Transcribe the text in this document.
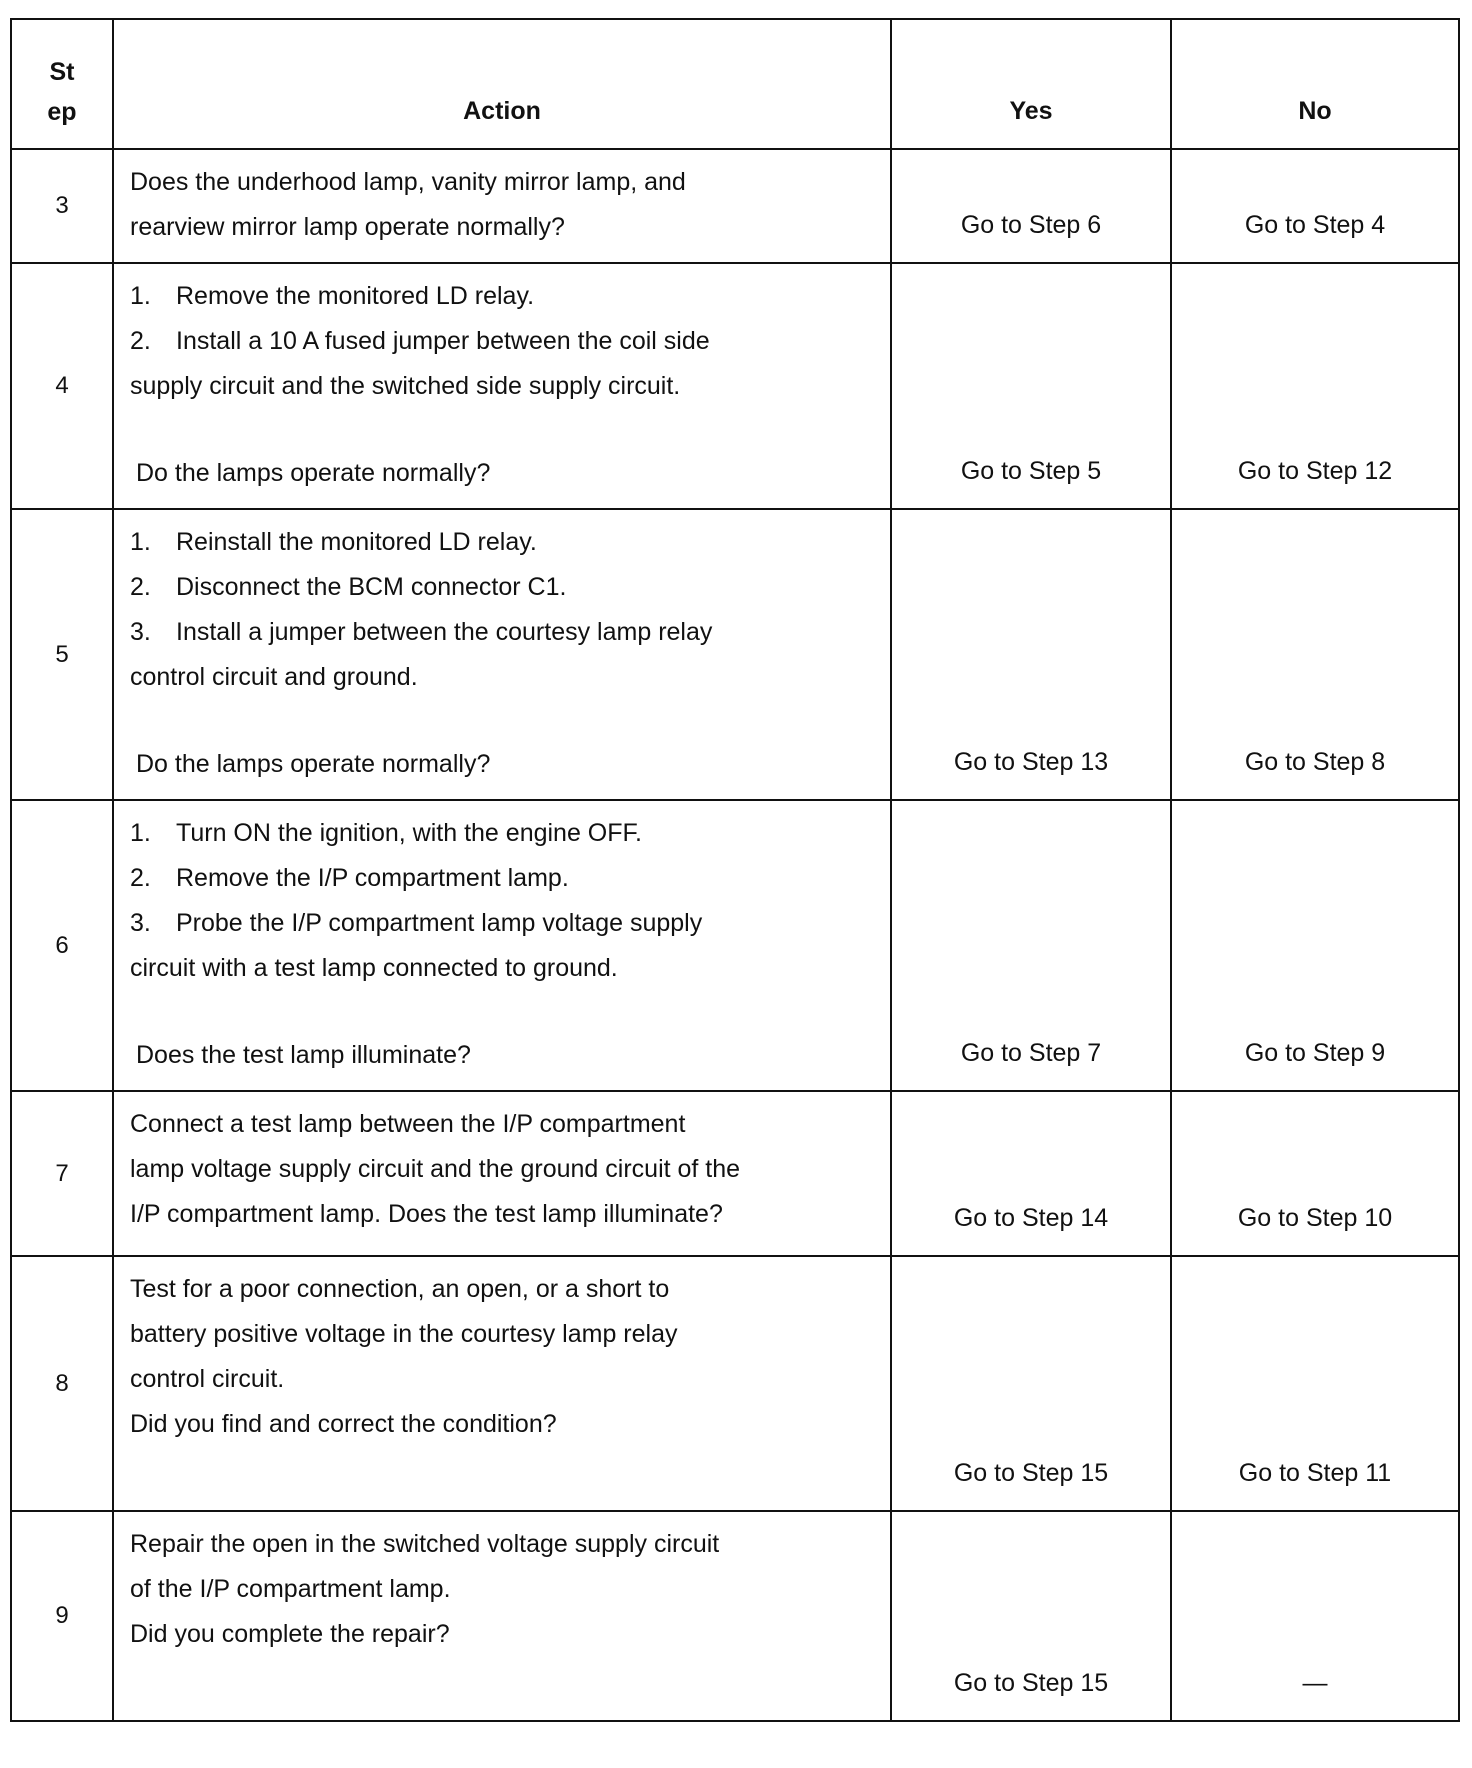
St
ep	Action	Yes	No

3	Does the underhood lamp, vanity mirror lamp, and
rearview mirror lamp operate normally?	Go to Step 6	Go to Step 4

4	1. Remove the monitored LD relay.
2. Install a 10 A fused jumper between the coil side
supply circuit and the switched side supply circuit.
Do the lamps operate normally?	Go to Step 5	Go to Step 12

5	1. Reinstall the monitored LD relay.
2. Disconnect the BCM connector C1.
3. Install a jumper between the courtesy lamp relay
control circuit and ground.
Do the lamps operate normally?	Go to Step 13	Go to Step 8

6	1. Turn ON the ignition, with the engine OFF.
2. Remove the I/P compartment lamp.
3. Probe the I/P compartment lamp voltage supply
circuit with a test lamp connected to ground.
Does the test lamp illuminate?	Go to Step 7	Go to Step 9

7	Connect a test lamp between the I/P compartment
lamp voltage supply circuit and the ground circuit of the
I/P compartment lamp. Does the test lamp illuminate?	Go to Step 14	Go to Step 10

8	Test for a poor connection, an open, or a short to
battery positive voltage in the courtesy lamp relay
control circuit.
Did you find and correct the condition?	Go to Step 15	Go to Step 11

9	Repair the open in the switched voltage supply circuit
of the I/P compartment lamp.
Did you complete the repair?	Go to Step 15	—
